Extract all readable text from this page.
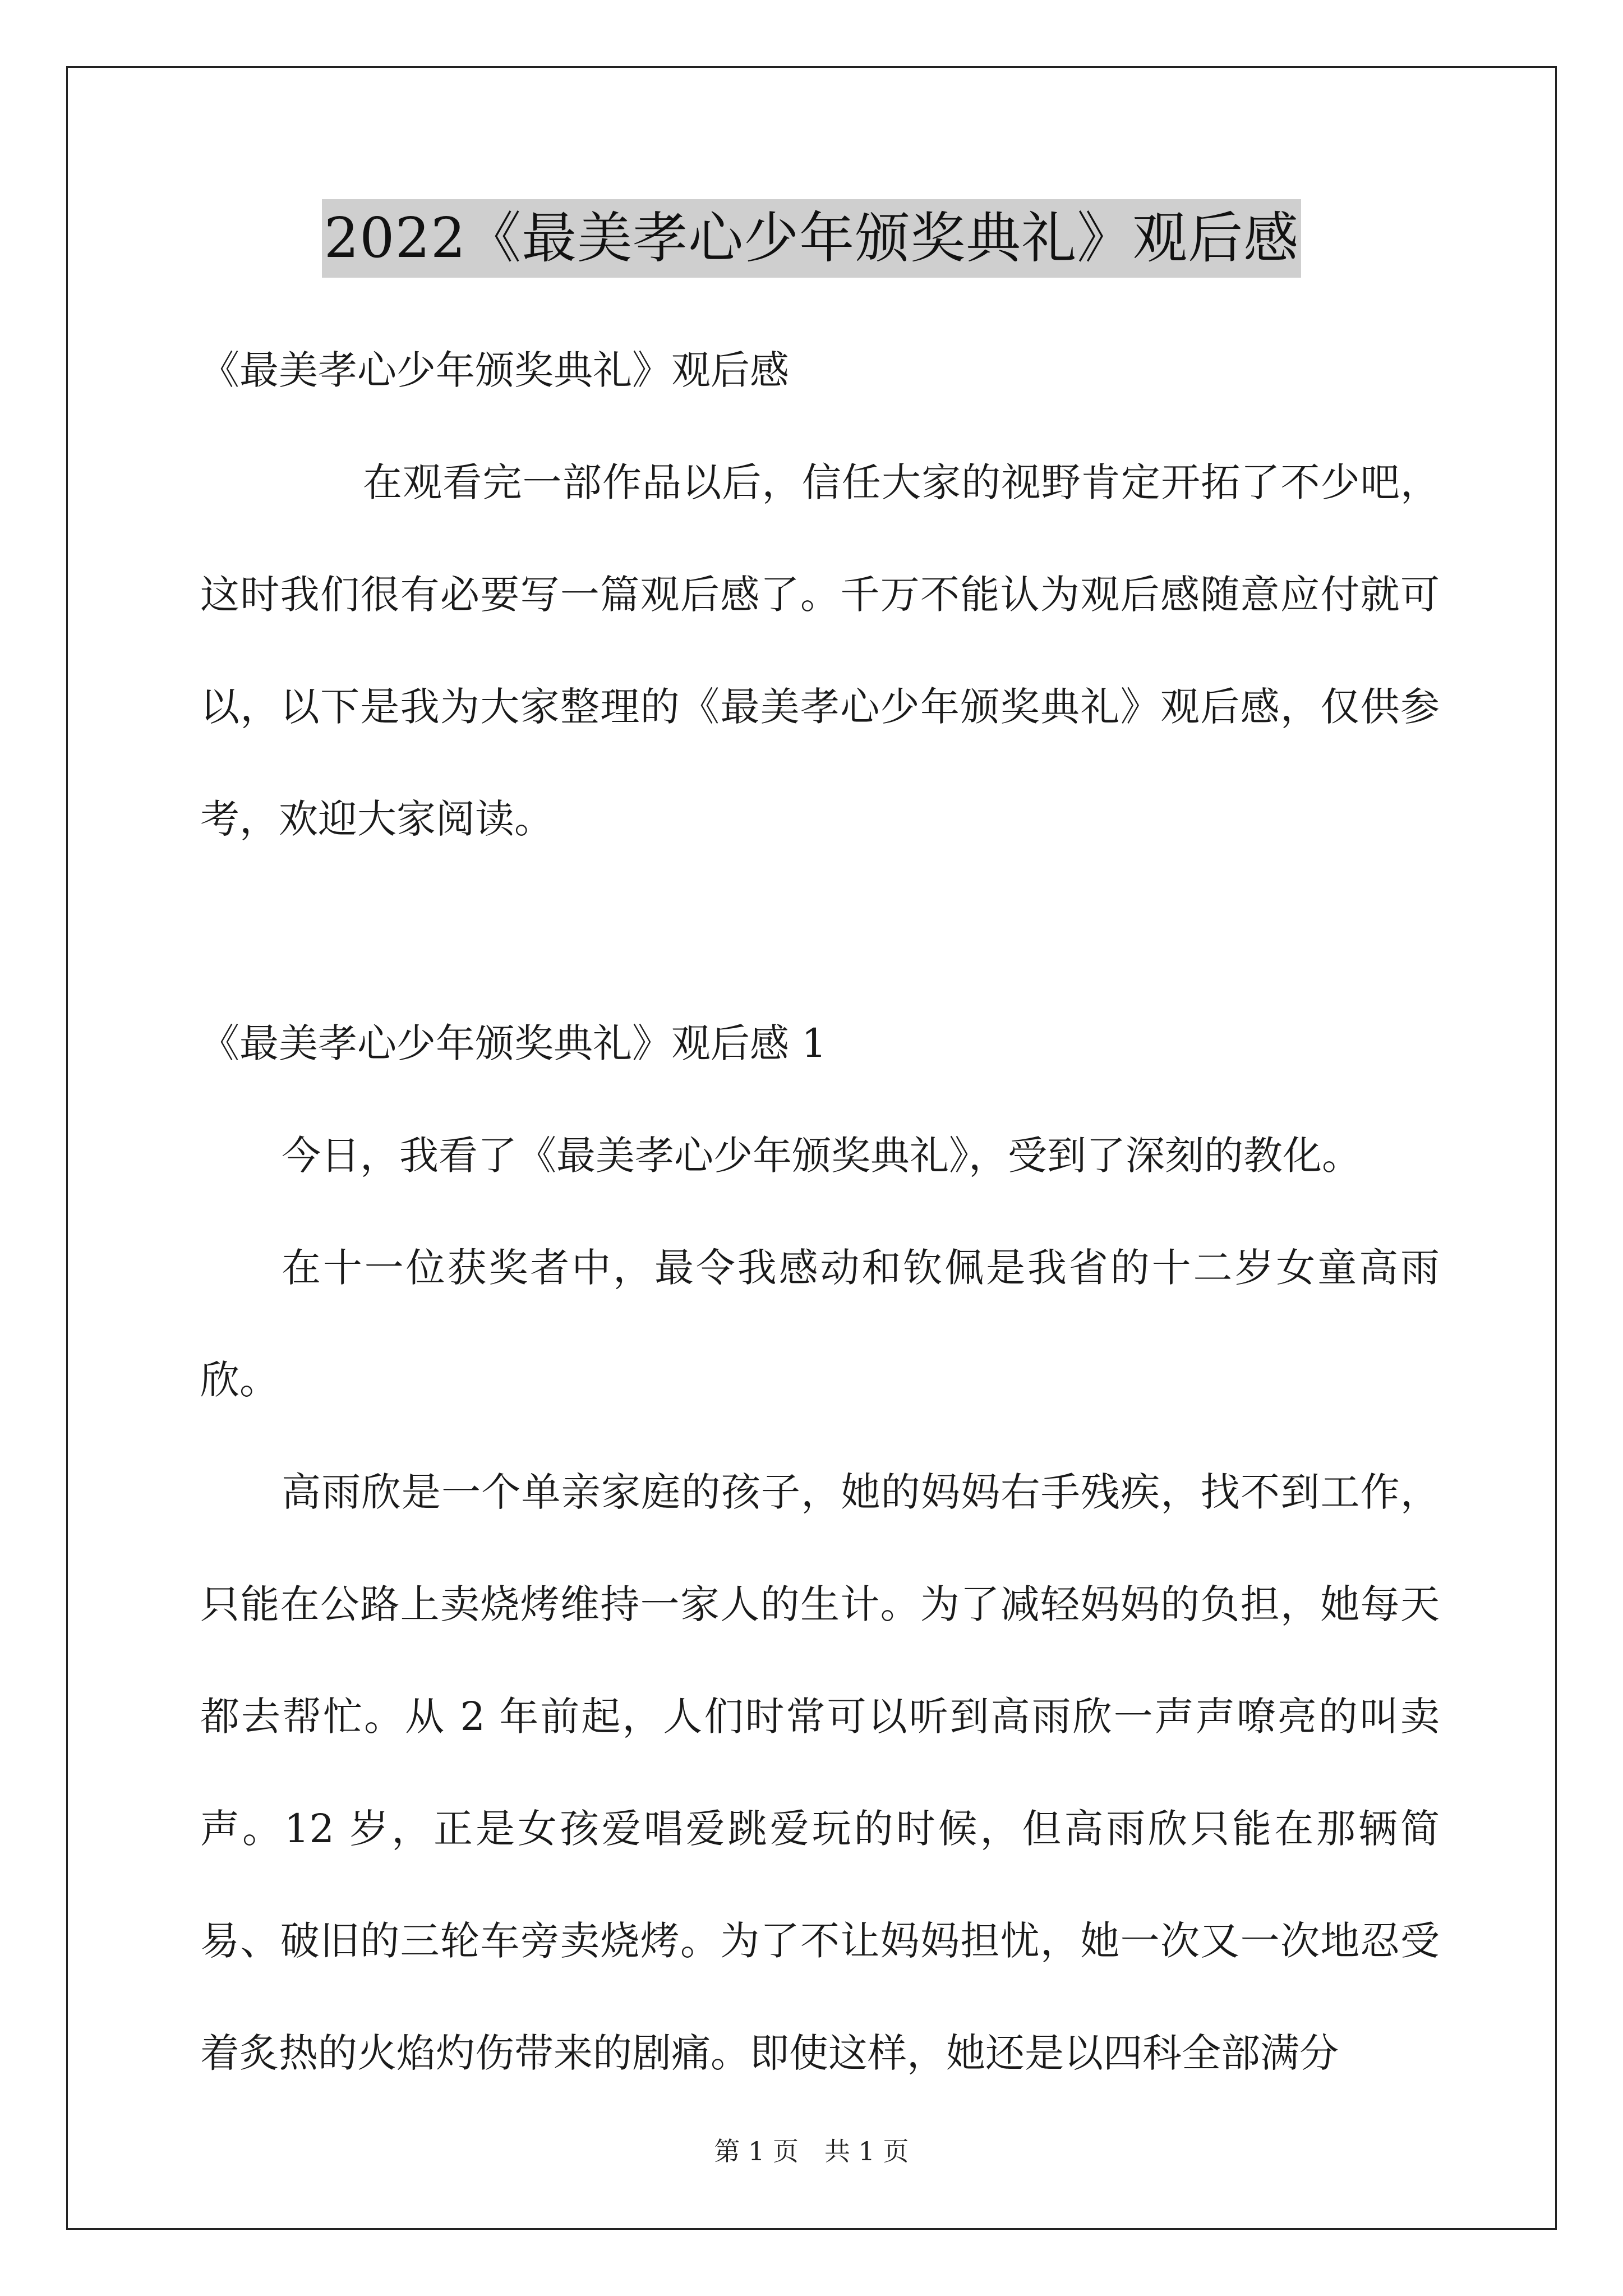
2022《最美孝心少年颁奖典礼》观后感

《最美孝心少年颁奖典礼》观后感

在观看完一部作品以后，信任大家的视野肯定开拓了不少吧，这时我们很有必要写一篇观后感了。千万不能认为观后感随意应付就可以，以下是我为大家整理的《最美孝心少年颁奖典礼》观后感，仅供参考，欢迎大家阅读。

《最美孝心少年颁奖典礼》观后感 1

今日，我看了《最美孝心少年颁奖典礼》，受到了深刻的教化。

在十一位获奖者中，最令我感动和钦佩是我省的十二岁女童高雨欣。

高雨欣是一个单亲家庭的孩子，她的妈妈右手残疾，找不到工作，只能在公路上卖烧烤维持一家人的生计。为了减轻妈妈的负担，她每天都去帮忙。从 2 年前起，人们时常可以听到高雨欣一声声嘹亮的叫卖声。12 岁，正是女孩爱唱爱跳爱玩的时候，但高雨欣只能在那辆简易、破旧的三轮车旁卖烧烤。为了不让妈妈担忧，她一次又一次地忍受着炙热的火焰灼伤带来的剧痛。即使这样，她还是以四科全部满分

第 1 页　共 1 页
